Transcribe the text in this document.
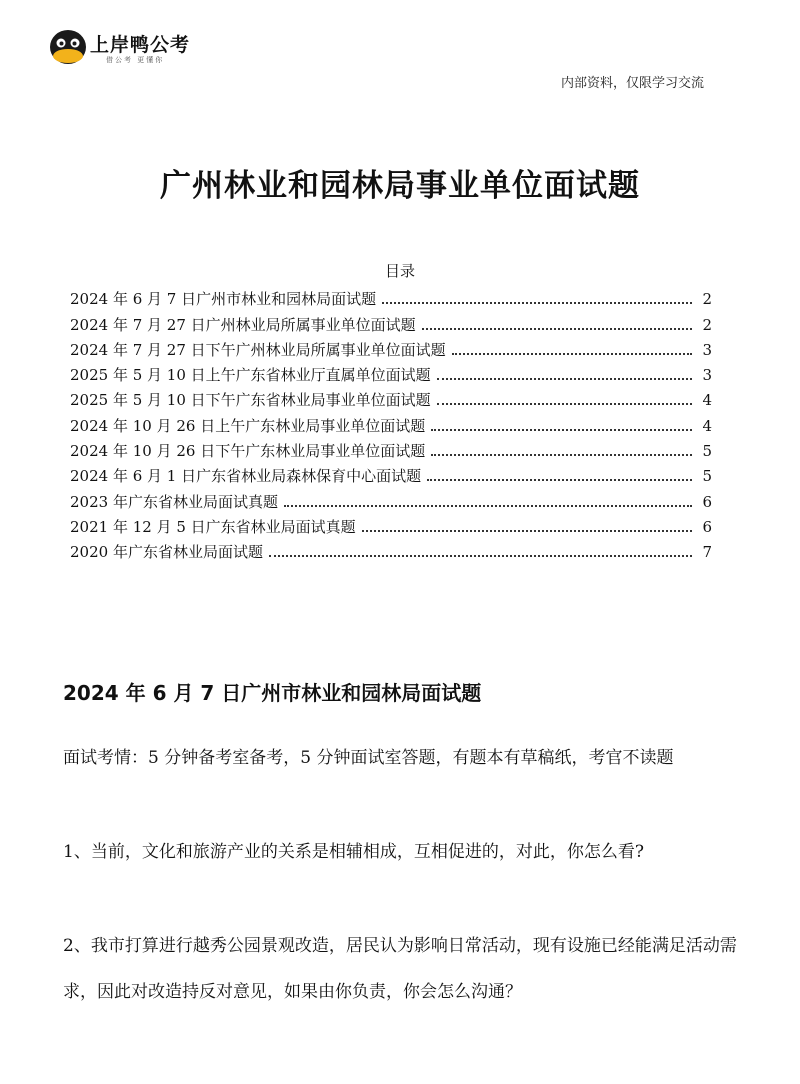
上岸鸭公考
借公考 更懂你
内部资料，仅限学习交流
广州林业和园林局事业单位面试题
目录
2024 年 6 月 7 日广州市林业和园林局面试题	2
2024 年 7 月 27 日广州林业局所属事业单位面试题	2
2024 年 7 月 27 日下午广州林业局所属事业单位面试题	3
2025 年 5 月 10 日上午广东省林业厅直属单位面试题	3
2025 年 5 月 10 日下午广东省林业局事业单位面试题	4
2024 年 10 月 26 日上午广东林业局事业单位面试题	4
2024 年 10 月 26 日下午广东林业局事业单位面试题	5
2024 年 6 月 1 日广东省林业局森林保育中心面试题	5
2023 年广东省林业局面试真题	6
2021 年 12 月 5 日广东省林业局面试真题	6
2020 年广东省林业局面试题	7
2024 年 6 月 7 日广州市林业和园林局面试题

面试考情：5 分钟备考室备考，5 分钟面试室答题，有题本有草稿纸，考官不读题

1、当前，文化和旅游产业的关系是相辅相成，互相促进的，对此，你怎么看?

2、我市打算进行越秀公园景观改造，居民认为影响日常活动，现有设施已经能满足活动需求，因此对改造持反对意见，如果由你负责，你会怎么沟通？
